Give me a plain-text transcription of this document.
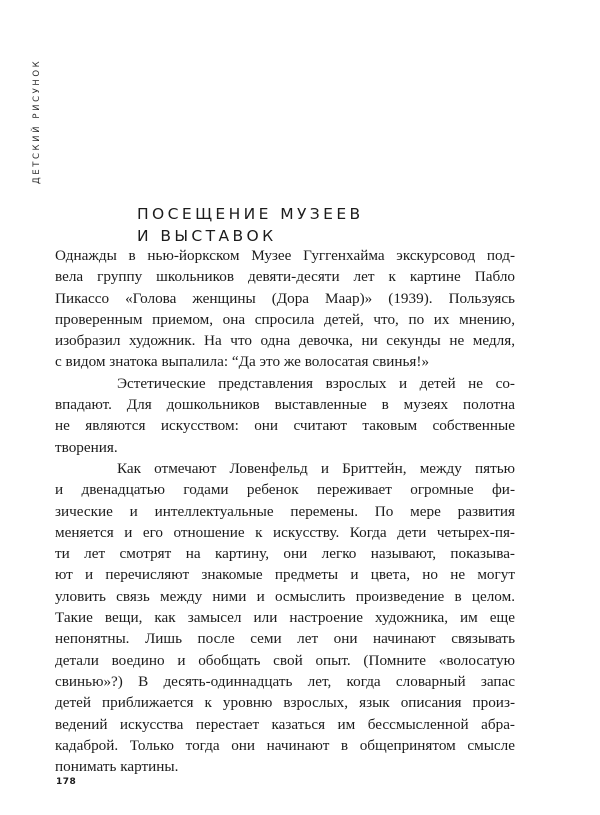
ДЕТСКИЙ РИСУНОК
ПОСЕЩЕНИЕ МУЗЕЕВ
И ВЫСТАВОК
Однажды в нью-йоркском Музее Гуггенхайма экскурсовод под-
вела группу школьников девяти-десяти лет к картине Пабло
Пикассо «Голова женщины (Дора Маар)» (1939). Пользуясь
проверенным приемом, она спросила детей, что, по их мнению,
изобразил художник. На что одна девочка, ни секунды не медля,
с видом знатока выпалила: “Да это же волосатая свинья!»
Эстетические представления взрослых и детей не со-
впадают. Для дошкольников выставленные в музеях полотна
не являются искусством: они считают таковым собственные
творения.
Как отмечают Ловенфельд и Бриттейн, между пятью
и двенадцатью годами ребенок переживает огромные фи-
зические и интеллектуальные перемены. По мере развития
меняется и его отношение к искусству. Когда дети четырех-пя-
ти лет смотрят на картину, они легко называют, показыва-
ют и перечисляют знакомые предметы и цвета, но не могут
уловить связь между ними и осмыслить произведение в целом.
Такие вещи, как замысел или настроение художника, им еще
непонятны. Лишь после семи лет они начинают связывать
детали воедино и обобщать свой опыт. (Помните «волосатую
свинью»?) В десять-одиннадцать лет, когда словарный запас
детей приближается к уровню взрослых, язык описания произ-
ведений искусства перестает казаться им бессмысленной абра-
кадаброй. Только тогда они начинают в общепринятом смысле
понимать картины.
178
